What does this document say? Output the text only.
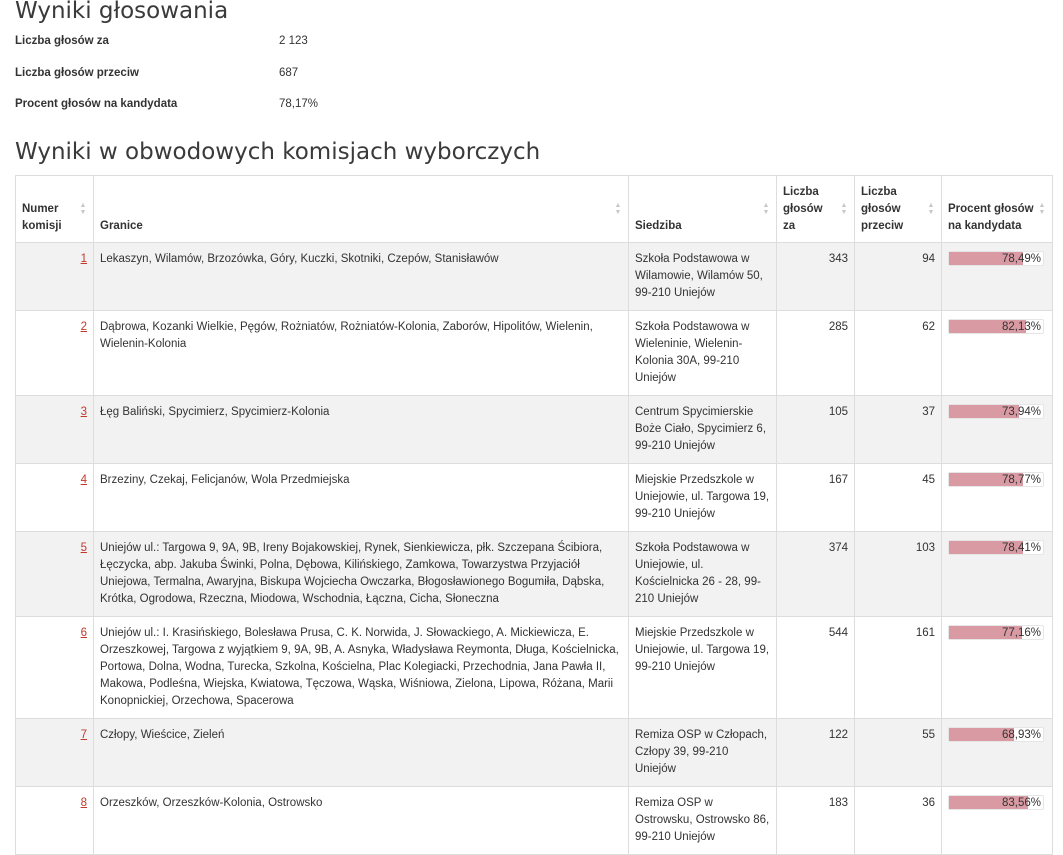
Wyniki głosowania
Liczba głosów za	2 123
Liczba głosów przeciw	687
Procent głosów na kandydata	78,17%
Wyniki w obwodowych komisjach wyborczych
Numer komisji
▲
▼	Granice
▲
▼	Siedziba
▲
▼	Liczba głosów za
▲
▼	Liczba głosów przeciw
▲
▼	Procent głosów na kandydata
▲
▼

1	Lekaszyn, Wilamów, Brzozówka, Góry, Kuczki, Skotniki, Czepów, Stanisławów	Szkoła Podstawowa w Wilamowie, Wilamów 50, 99-210 Uniejów	343	94	78,49%

2	Dąbrowa, Kozanki Wielkie, Pęgów, Rożniatów, Rożniatów-Kolonia, Zaborów, Hipolitów, Wielenin, Wielenin-Kolonia	Szkoła Podstawowa w Wieleninie, Wielenin-Kolonia 30A, 99-210 Uniejów	285	62	82,13%

3	Łęg Baliński, Spycimierz, Spycimierz-Kolonia	Centrum Spycimierskie Boże Ciało, Spycimierz 6, 99-210 Uniejów	105	37	73,94%

4	Brzeziny, Czekaj, Felicjanów, Wola Przedmiejska	Miejskie Przedszkole w Uniejowie, ul. Targowa 19, 99-210 Uniejów	167	45	78,77%

5	Uniejów ul.: Targowa 9, 9A, 9B, Ireny Bojakowskiej, Rynek, Sienkiewicza, płk. Szczepana Ścibiora, Łęczycka, abp. Jakuba Świnki, Polna, Dębowa, Kilińskiego, Zamkowa, Towarzystwa Przyjaciół Uniejowa, Termalna, Awaryjna, Biskupa Wojciecha Owczarka, Błogosławionego Bogumiła, Dąbska, Krótka, Ogrodowa, Rzeczna, Miodowa, Wschodnia, Łączna, Cicha, Słoneczna	Szkoła Podstawowa w Uniejowie, ul. Kościelnicka 26 - 28, 99-210 Uniejów	374	103	78,41%

6	Uniejów ul.: I. Krasińskiego, Bolesława Prusa, C. K. Norwida, J. Słowackiego, A. Mickiewicza, E. Orzeszkowej, Targowa z wyjątkiem 9, 9A, 9B, A. Asnyka, Władysława Reymonta, Długa, Kościelnicka, Portowa, Dolna, Wodna, Turecka, Szkolna, Kościelna, Plac Kolegiacki, Przechodnia, Jana Pawła II, Makowa, Podleśna, Wiejska, Kwiatowa, Tęczowa, Wąska, Wiśniowa, Zielona, Lipowa, Różana, Marii Konopnickiej, Orzechowa, Spacerowa	Miejskie Przedszkole w Uniejowie, ul. Targowa 19, 99-210 Uniejów	544	161	77,16%

7	Człopy, Wieścice, Zieleń	Remiza OSP w Człopach, Człopy 39, 99-210 Uniejów	122	55	68,93%

8	Orzeszków, Orzeszków-Kolonia, Ostrowsko	Remiza OSP w Ostrowsku, Ostrowsko 86, 99-210 Uniejów	183	36	83,56%
